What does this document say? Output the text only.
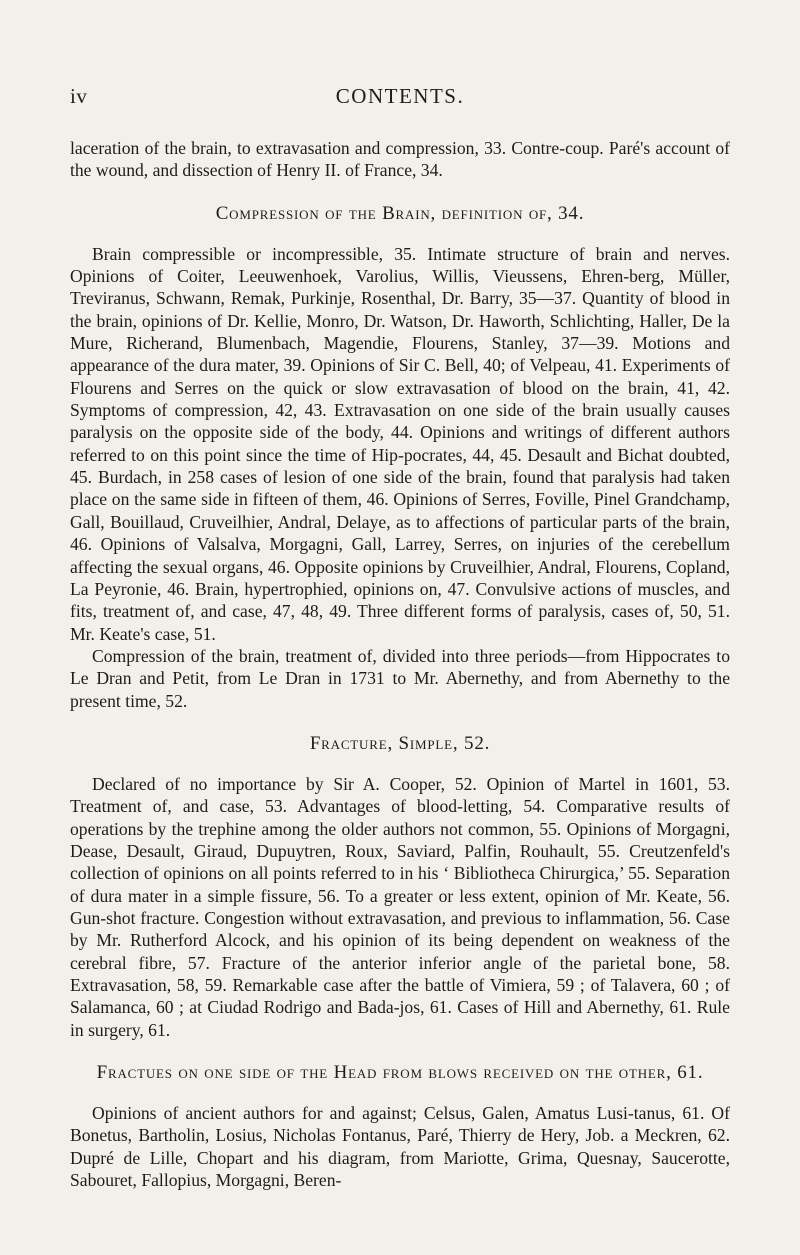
iv	CONTENTS.

laceration of the brain, to extravasation and compression, 33. Contre-coup. Paré's account of the wound, and dissection of Henry II. of France, 34.

Compression of the Brain, definition of, 34.

Brain compressible or incompressible, 35. Intimate structure of brain and nerves. Opinions of Coiter, Leeuwenhoek, Varolius, Willis, Vieussens, Ehren-berg, Müller, Treviranus, Schwann, Remak, Purkinje, Rosenthal, Dr. Barry, 35—37. Quantity of blood in the brain, opinions of Dr. Kellie, Monro, Dr. Watson, Dr. Haworth, Schlichting, Haller, De la Mure, Richerand, Blumenbach, Magendie, Flourens, Stanley, 37—39. Motions and appearance of the dura mater, 39. Opinions of Sir C. Bell, 40; of Velpeau, 41. Experiments of Flourens and Serres on the quick or slow extravasation of blood on the brain, 41, 42. Symptoms of compression, 42, 43. Extravasation on one side of the brain usually causes paralysis on the opposite side of the body, 44. Opinions and writings of different authors referred to on this point since the time of Hip-pocrates, 44, 45. Desault and Bichat doubted, 45. Burdach, in 258 cases of lesion of one side of the brain, found that paralysis had taken place on the same side in fifteen of them, 46. Opinions of Serres, Foville, Pinel Grandchamp, Gall, Bouillaud, Cruveilhier, Andral, Delaye, as to affections of particular parts of the brain, 46. Opinions of Valsalva, Morgagni, Gall, Larrey, Serres, on injuries of the cerebellum affecting the sexual organs, 46. Opposite opinions by Cruveilhier, Andral, Flourens, Copland, La Peyronie, 46. Brain, hypertrophied, opinions on, 47. Convulsive actions of muscles, and fits, treatment of, and case, 47, 48, 49. Three different forms of paralysis, cases of, 50, 51. Mr. Keate's case, 51.

Compression of the brain, treatment of, divided into three periods—from Hippocrates to Le Dran and Petit, from Le Dran in 1731 to Mr. Abernethy, and from Abernethy to the present time, 52.

Fracture, Simple, 52.

Declared of no importance by Sir A. Cooper, 52. Opinion of Martel in 1601, 53. Treatment of, and case, 53. Advantages of blood-letting, 54. Comparative results of operations by the trephine among the older authors not common, 55. Opinions of Morgagni, Dease, Desault, Giraud, Dupuytren, Roux, Saviard, Palfin, Rouhault, 55. Creutzenfeld's collection of opinions on all points referred to in his ‘ Bibliotheca Chirurgica,’ 55. Separation of dura mater in a simple fissure, 56. To a greater or less extent, opinion of Mr. Keate, 56. Gun-shot fracture. Congestion without extravasation, and previous to inflammation, 56. Case by Mr. Rutherford Alcock, and his opinion of its being dependent on weakness of the cerebral fibre, 57. Fracture of the anterior inferior angle of the parietal bone, 58. Extravasation, 58, 59. Remarkable case after the battle of Vimiera, 59 ; of Talavera, 60 ; of Salamanca, 60 ; at Ciudad Rodrigo and Bada-jos, 61. Cases of Hill and Abernethy, 61. Rule in surgery, 61.

Fractues on one side of the Head from blows received on the other, 61.

Opinions of ancient authors for and against; Celsus, Galen, Amatus Lusi-tanus, 61. Of Bonetus, Bartholin, Losius, Nicholas Fontanus, Paré, Thierry de Hery, Job. a Meckren, 62. Dupré de Lille, Chopart and his diagram, from Mariotte, Grima, Quesnay, Saucerotte, Sabouret, Fallopius, Morgagni, Beren-
